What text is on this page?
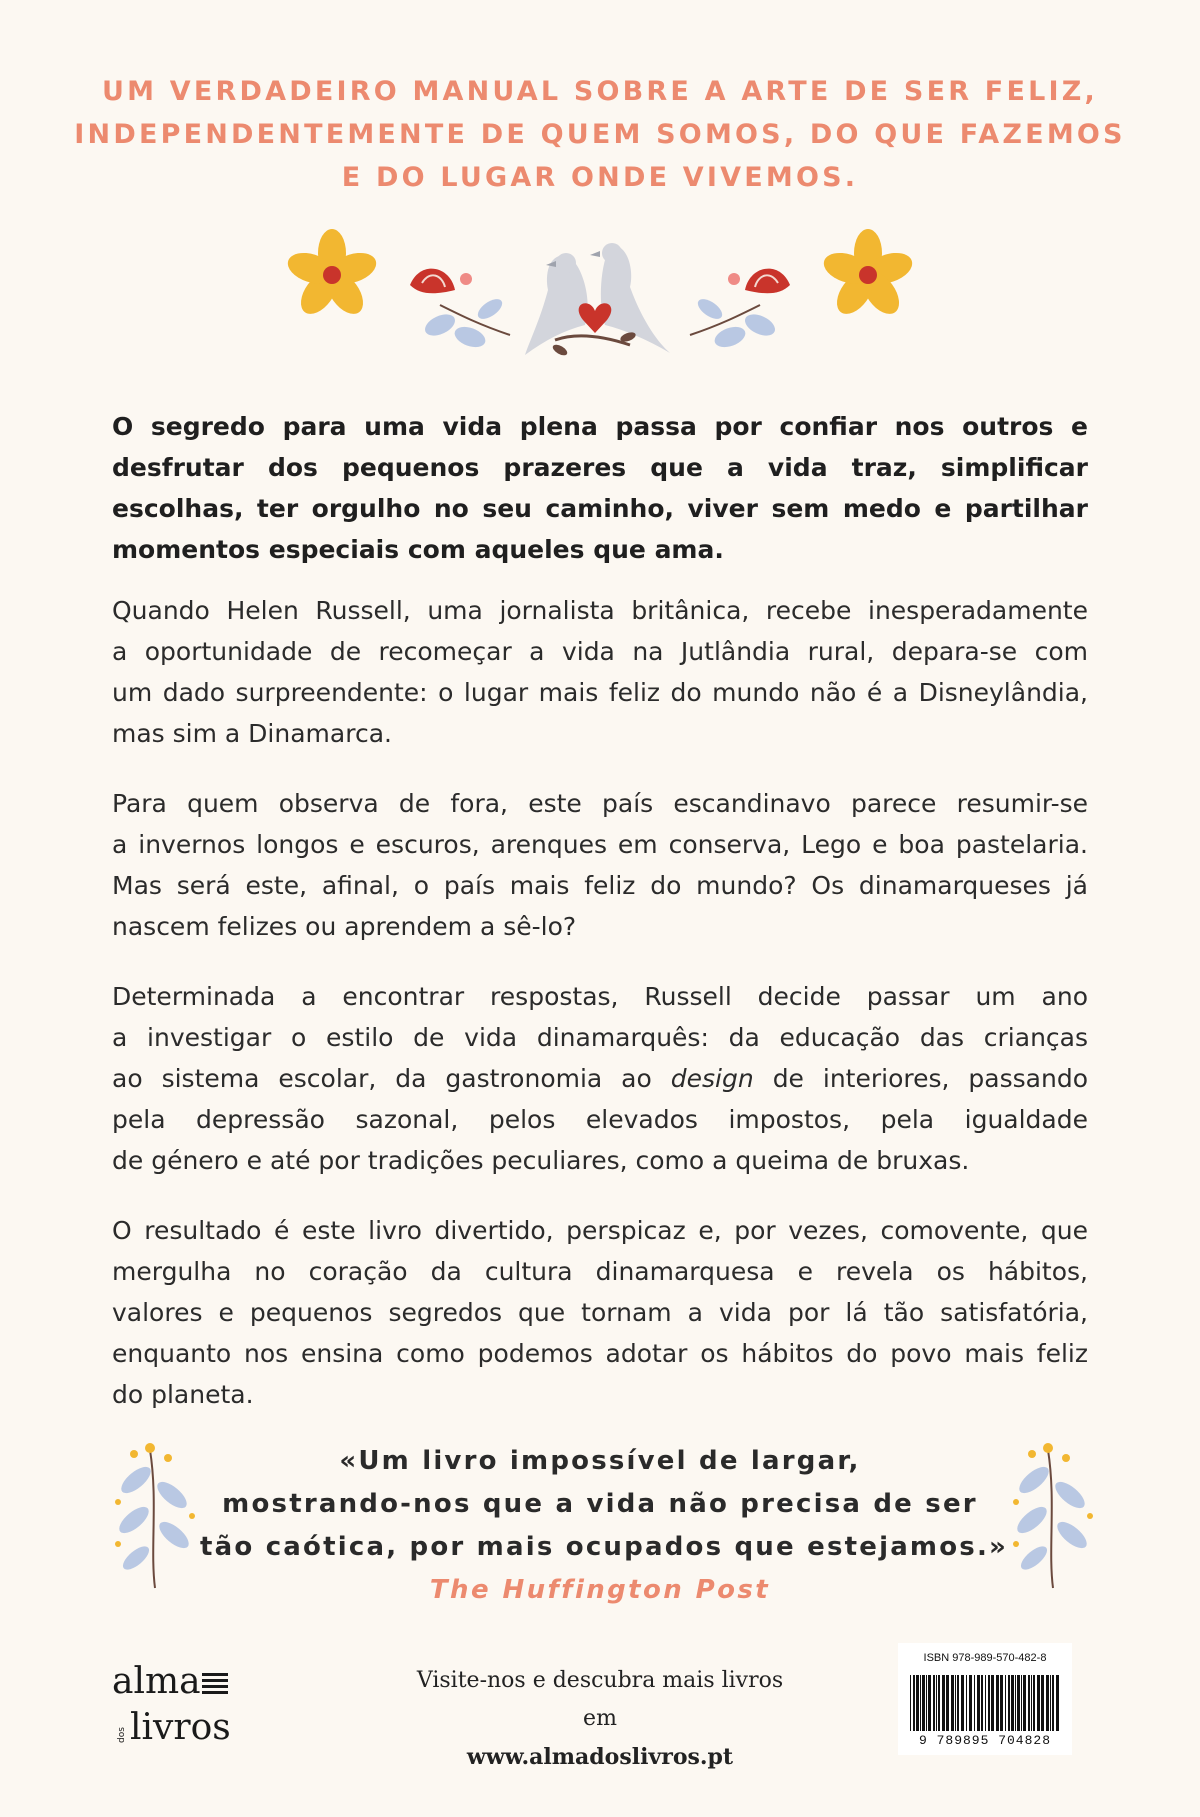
UM VERDADEIRO MANUAL SOBRE A ARTE DE SER FELIZ,
INDEPENDENTEMENTE DE QUEM SOMOS, DO QUE FAZEMOS
E DO LUGAR ONDE VIVEMOS.
O segredo para uma vida plena passa por confiar nos outros e desfrutar dos pequenos prazeres que a vida traz, simplificar escolhas, ter orgulho no seu caminho, viver sem medo e partilhar momentos especiais com aqueles que ama.
Quando Helen Russell, uma jornalista britânica, recebe inesperadamente
a oportunidade de recomeçar a vida na Jutlândia rural, depara-se com
um dado surpreendente: o lugar mais feliz do mundo não é a Disneylândia,
mas sim a Dinamarca.
Para quem observa de fora, este país escandinavo parece resumir-se
a invernos longos e escuros, arenques em conserva, Lego e boa pastelaria.
Mas será este, afinal, o país mais feliz do mundo? Os dinamarqueses já
nascem felizes ou aprendem a sê-lo?
Determinada a encontrar respostas, Russell decide passar um ano
a investigar o estilo de vida dinamarquês: da educação das crianças
ao sistema escolar, da gastronomia ao design de interiores, passando
pela depressão sazonal, pelos elevados impostos, pela igualdade
de género e até por tradições peculiares, como a queima de bruxas.
O resultado é este livro divertido, perspicaz e, por vezes, comovente, que
mergulha no coração da cultura dinamarquesa e revela os hábitos,
valores e pequenos segredos que tornam a vida por lá tão satisfatória,
enquanto nos ensina como podemos adotar os hábitos do povo mais feliz
do planeta.
«Um livro impossível de largar,
mostrando-nos que a vida não precisa de ser
tão caótica, por mais ocupados que estejamos.»
The Huffington Post
alma
dos livros
Visite-nos e descubra mais livros em
www.almadoslivros.pt
ISBN 978-989-570-482-8
9 789895 704828
